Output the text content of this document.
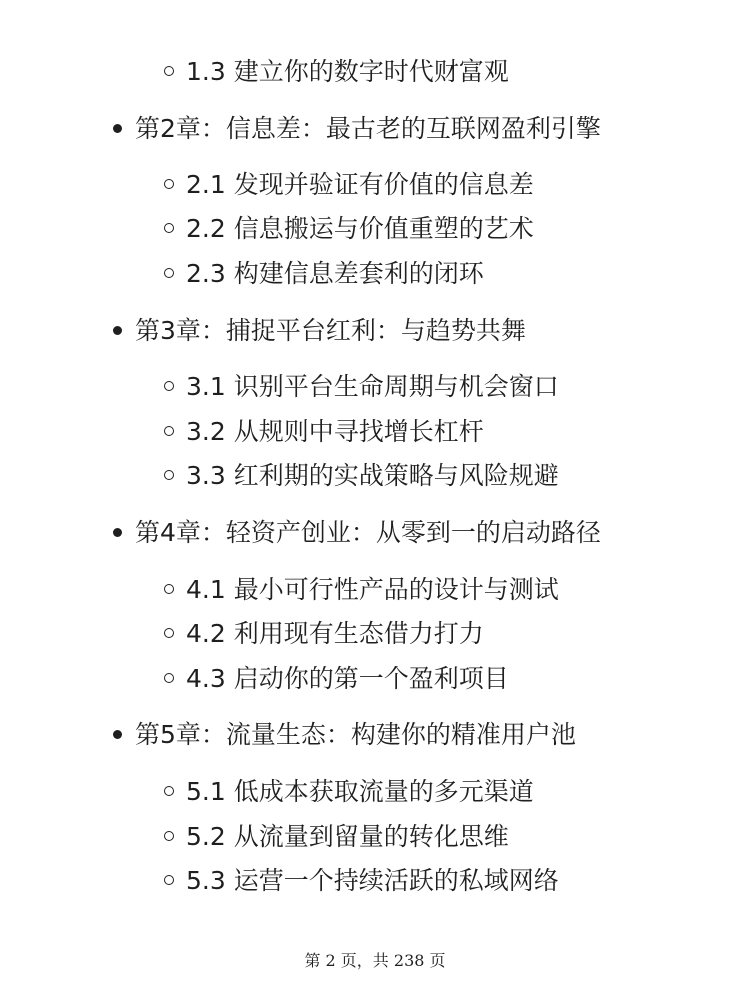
1.3 建立你的数字时代财富观
第2章：信息差：最古老的互联网盈利引擎
2.1 发现并验证有价值的信息差
2.2 信息搬运与价值重塑的艺术
2.3 构建信息差套利的闭环
第3章：捕捉平台红利：与趋势共舞
3.1 识别平台生命周期与机会窗口
3.2 从规则中寻找增长杠杆
3.3 红利期的实战策略与风险规避
第4章：轻资产创业：从零到一的启动路径
4.1 最小可行性产品的设计与测试
4.2 利用现有生态借力打力
4.3 启动你的第一个盈利项目
第5章：流量生态：构建你的精准用户池
5.1 低成本获取流量的多元渠道
5.2 从流量到留量的转化思维
5.3 运营一个持续活跃的私域网络
第 2 页，共 238 页
